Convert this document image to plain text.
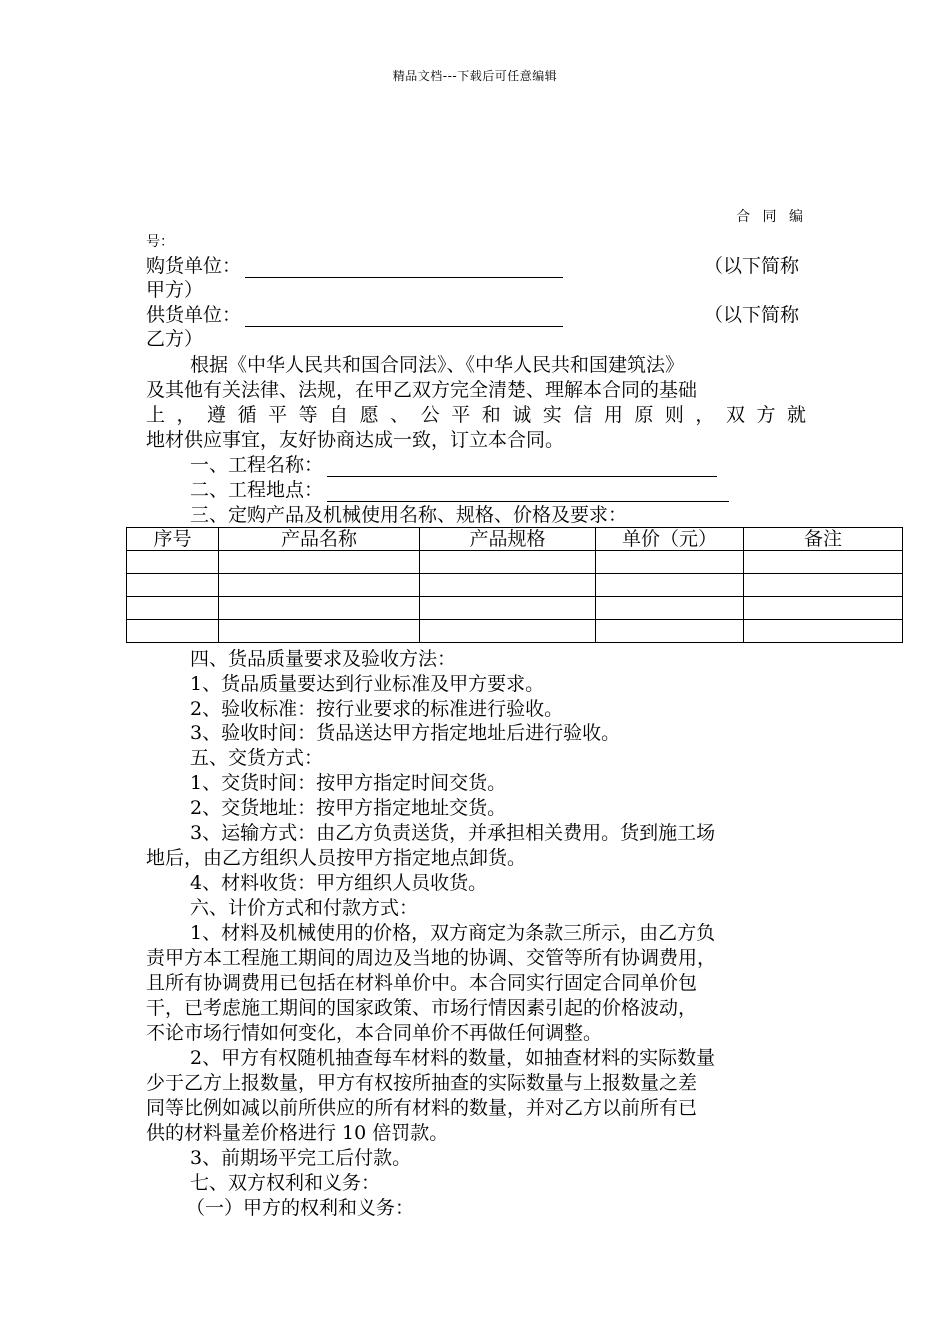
精品文档---下载后可任意编辑
合 同 编
号：
购货单位：	（以下简称
甲方）
供货单位：	（以下简称
乙方）
根据《中华人民共和国合同法》、《中华人民共和国建筑法》
及其他有关法律、法规，在甲乙双方完全清楚、理解本合同的基础
上，遵循平等自愿、公平和诚实信用原则，双方就
地材供应事宜，友好协商达成一致，订立本合同。
一、工程名称：
二、工程地点：
三、定购产品及机械使用名称、规格、价格及要求：
序号	产品名称	产品规格	单价（元）	备注

四、货品质量要求及验收方法：
1、货品质量要达到行业标准及甲方要求。
2、验收标准：按行业要求的标准进行验收。
3、验收时间：货品送达甲方指定地址后进行验收。
五、交货方式：
1、交货时间：按甲方指定时间交货。
2、交货地址：按甲方指定地址交货。
3、运输方式：由乙方负责送货，并承担相关费用。货到施工场
地后，由乙方组织人员按甲方指定地点卸货。
4、材料收货：甲方组织人员收货。
六、计价方式和付款方式：
1、材料及机械使用的价格，双方商定为条款三所示，由乙方负
责甲方本工程施工期间的周边及当地的协调、交管等所有协调费用，
且所有协调费用已包括在材料单价中。本合同实行固定合同单价包
干，已考虑施工期间的国家政策、市场行情因素引起的价格波动，
不论市场行情如何变化，本合同单价不再做任何调整。
2、甲方有权随机抽查每车材料的数量，如抽查材料的实际数量
少于乙方上报数量，甲方有权按所抽查的实际数量与上报数量之差
同等比例如减以前所供应的所有材料的数量，并对乙方以前所有已
供的材料量差价格进行 10 倍罚款。
3、前期场平完工后付款。
七、双方权利和义务：
（一）甲方的权利和义务：
